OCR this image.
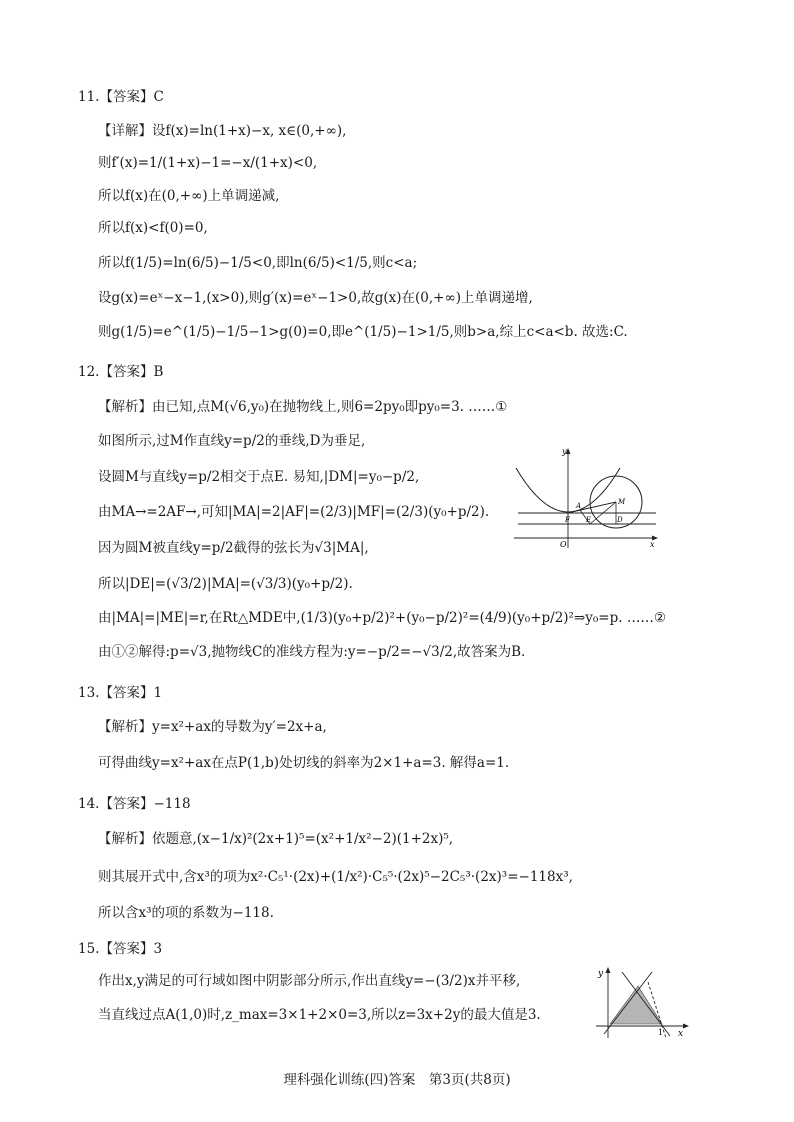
11.【答案】C
【详解】设f(x)=ln(1+x)−x, x∈(0,+∞),
则f′(x)=1/(1+x)−1=−x/(1+x)<0,
所以f(x)在(0,+∞)上单调递减,
所以f(x)<f(0)=0,
所以f(1/5)=ln(6/5)−1/5<0,即ln(6/5)<1/5,则c<a;
设g(x)=eˣ−x−1,(x>0),则g′(x)=eˣ−1>0,故g(x)在(0,+∞)上单调递增,
则g(1/5)=e^(1/5)−1/5−1>g(0)=0,即e^(1/5)−1>1/5,则b>a,综上c<a<b. 故选:C.
12.【答案】B
【解析】由已知,点M(√6,y₀)在抛物线上,则6=2py₀即py₀=3. ……①
如图所示,过M作直线y=p/2的垂线,D为垂足,
设圆M与直线y=p/2相交于点E. 易知,|DM|=y₀−p/2,
由MA→=2AF→,可知|MA|=2|AF|=(2/3)|MF|=(2/3)(y₀+p/2).
因为圆M被直线y=p/2截得的弦长为√3|MA|,
所以|DE|=(√3/2)|MA|=(√3/3)(y₀+p/2).
由|MA|=|ME|=r,在Rt△MDE中,(1/3)(y₀+p/2)²+(y₀−p/2)²=(4/9)(y₀+p/2)²⇒y₀=p. ……②
由①②解得:p=√3,抛物线C的准线方程为:y=−p/2=−√3/2,故答案为B.
y
x
O
A	M
F E	D
13.【答案】1
【解析】y=x²+ax的导数为y′=2x+a,
可得曲线y=x²+ax在点P(1,b)处切线的斜率为2×1+a=3. 解得a=1.
14.【答案】−118
【解析】依题意,(x−1/x)²(2x+1)⁵=(x²+1/x²−2)(1+2x)⁵,
则其展开式中,含x³的项为x²·C₅¹·(2x)+(1/x²)·C₅⁵·(2x)⁵−2C₅³·(2x)³=−118x³,
所以含x³的项的系数为−118.
15.【答案】3
作出x,y满足的可行域如图中阴影部分所示,作出直线y=−(3/2)x并平移,
当直线过点A(1,0)时,z_max=3×1+2×0=3,所以z=3x+2y的最大值是3.
y
x
1
理科强化训练(四)答案　第3页(共8页)
